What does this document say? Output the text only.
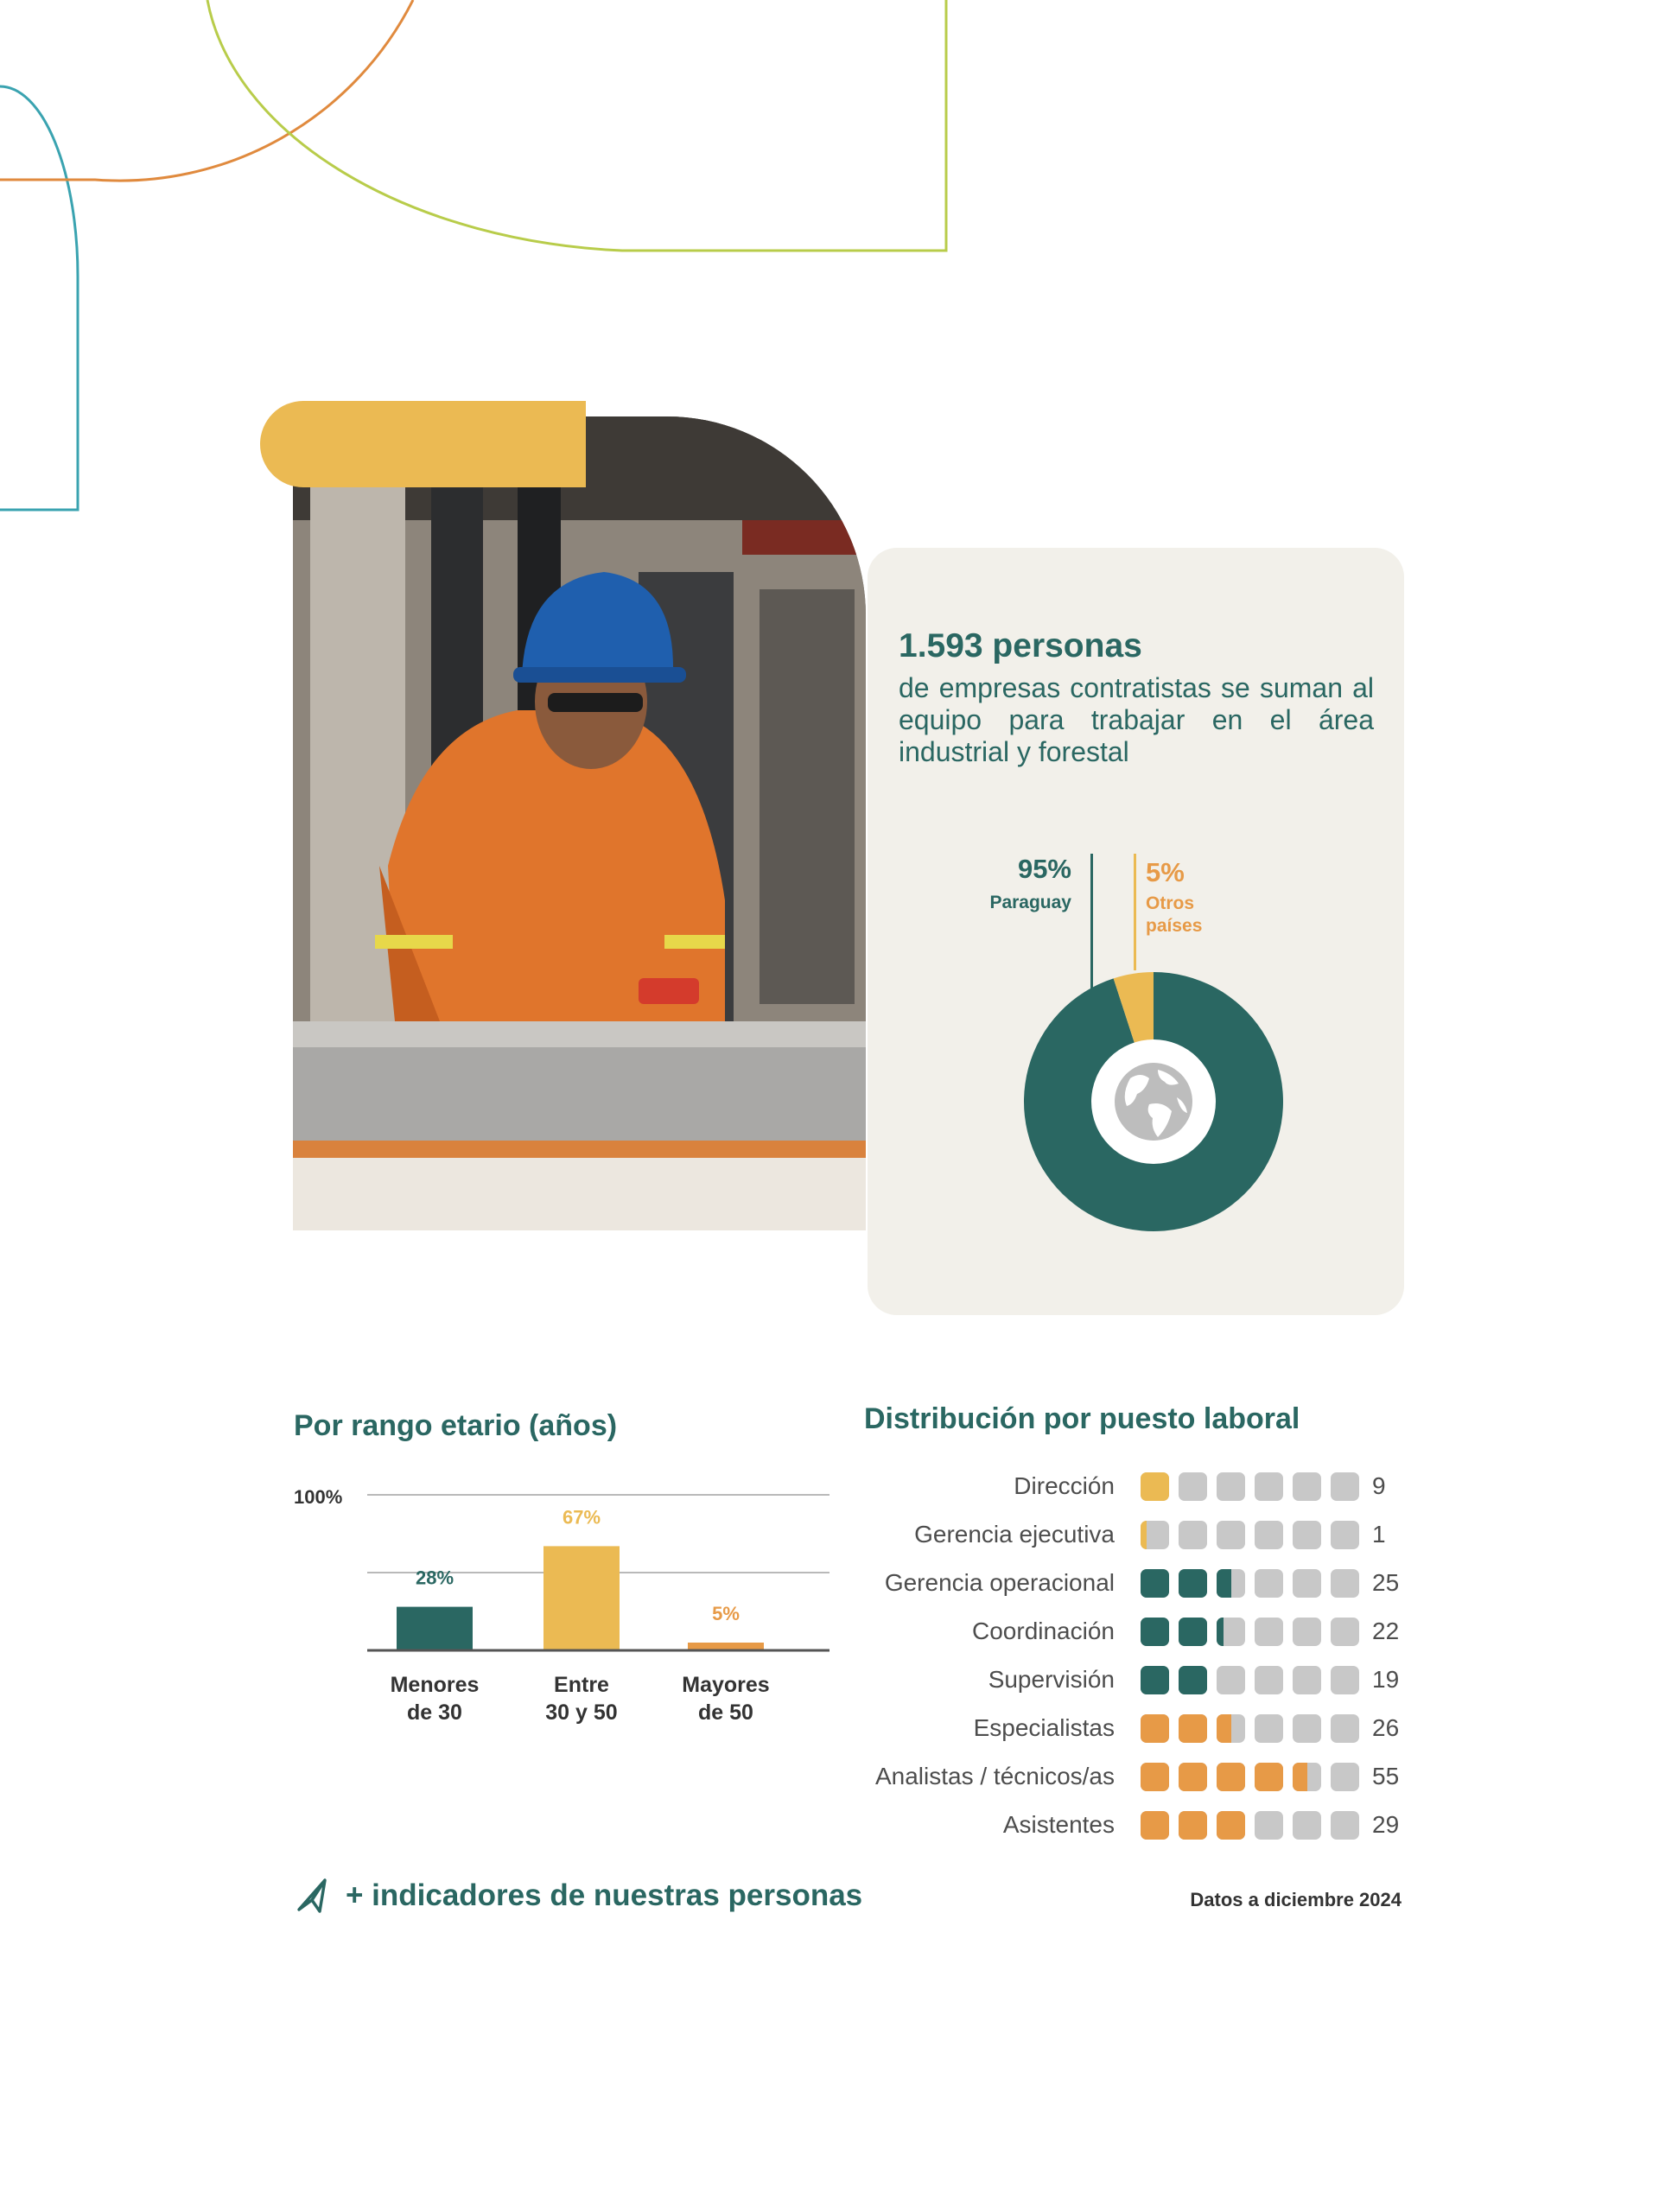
1.593 personas
de empresas contratistas se suman al equipo para trabajar en el área industrial y forestal
95%
Paraguay
5%
Otros
países
Por rango etario (años)
100%
28%
Menores
de 30
67%
Entre
30 y 50
5%
Mayores
de 50
Distribución por puesto laboral
Dirección	9
Gerencia ejecutiva	1
Gerencia operacional	25
Coordinación	22
Supervisión	19
Especialistas	26
Analistas / técnicos/as	55
Asistentes	29
+ indicadores de nuestras personas	Datos a diciembre 2024
